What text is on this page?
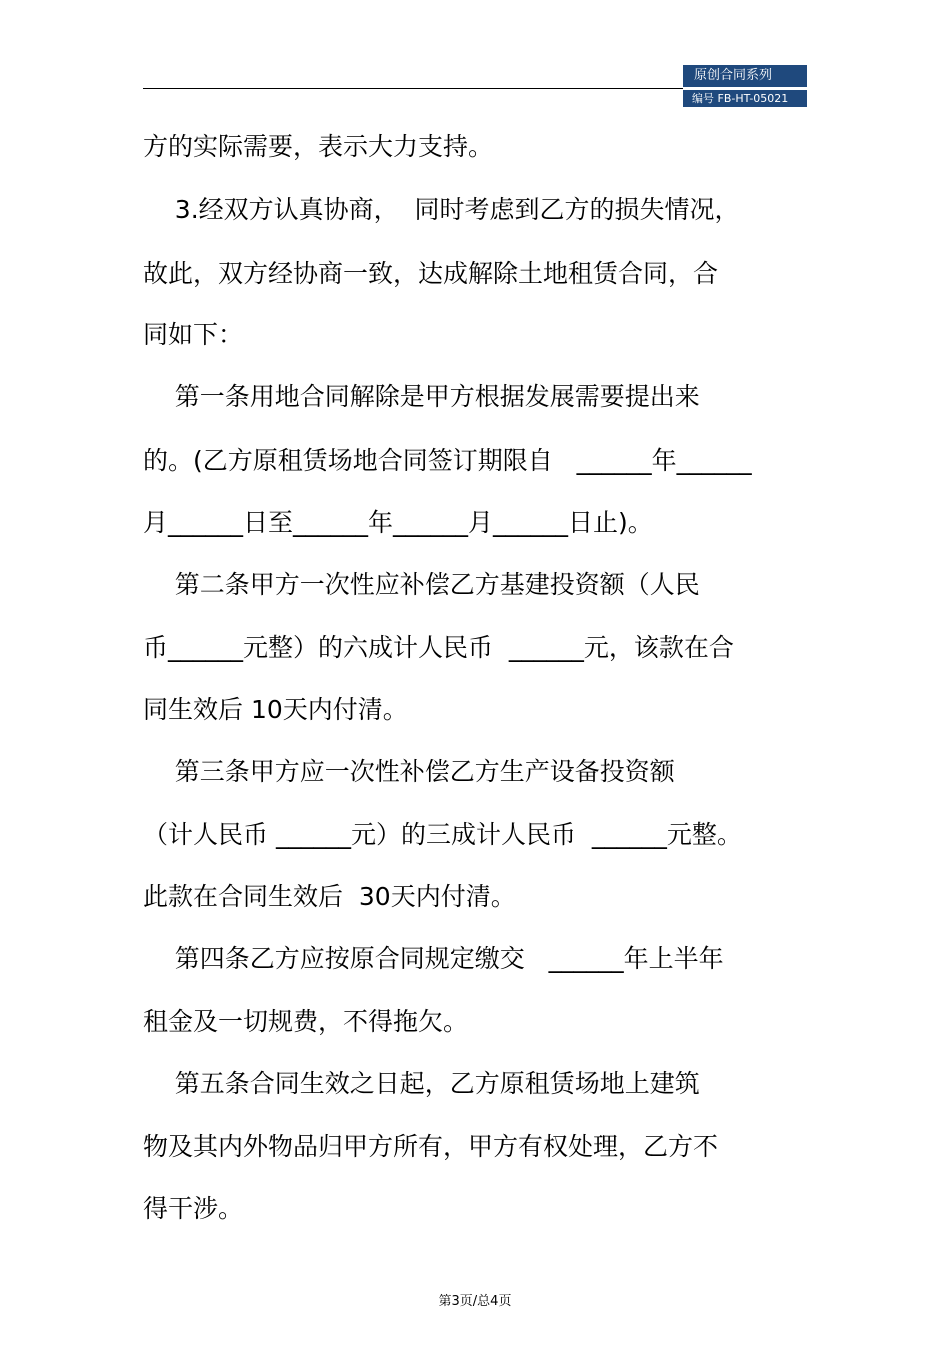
原创合同系列
编号 FB-HT-05021

方的实际需要，表示大力支持。

3.经双方认真协商，  同时考虑到乙方的损失情况，

故此，双方经协商一致，达成解除土地租赁合同，合

同如下：

第一条用地合同解除是甲方根据发展需要提出来

的。(乙方原租赁场地合同签订期限自   ______年______

月______日至______年______月______日止)。

第二条甲方一次性应补偿乙方基建投资额（人民

币______元整）的六成计人民币  ______元，该款在合

同生效后 10天内付清。

第三条甲方应一次性补偿乙方生产设备投资额

（计人民币 ______元）的三成计人民币  ______元整。

此款在合同生效后  30天内付清。

第四条乙方应按原合同规定缴交   ______年上半年

租金及一切规费，不得拖欠。

第五条合同生效之日起，乙方原租赁场地上建筑

物及其内外物品归甲方所有，甲方有权处理，乙方不

得干涉。

第3页/总4页
